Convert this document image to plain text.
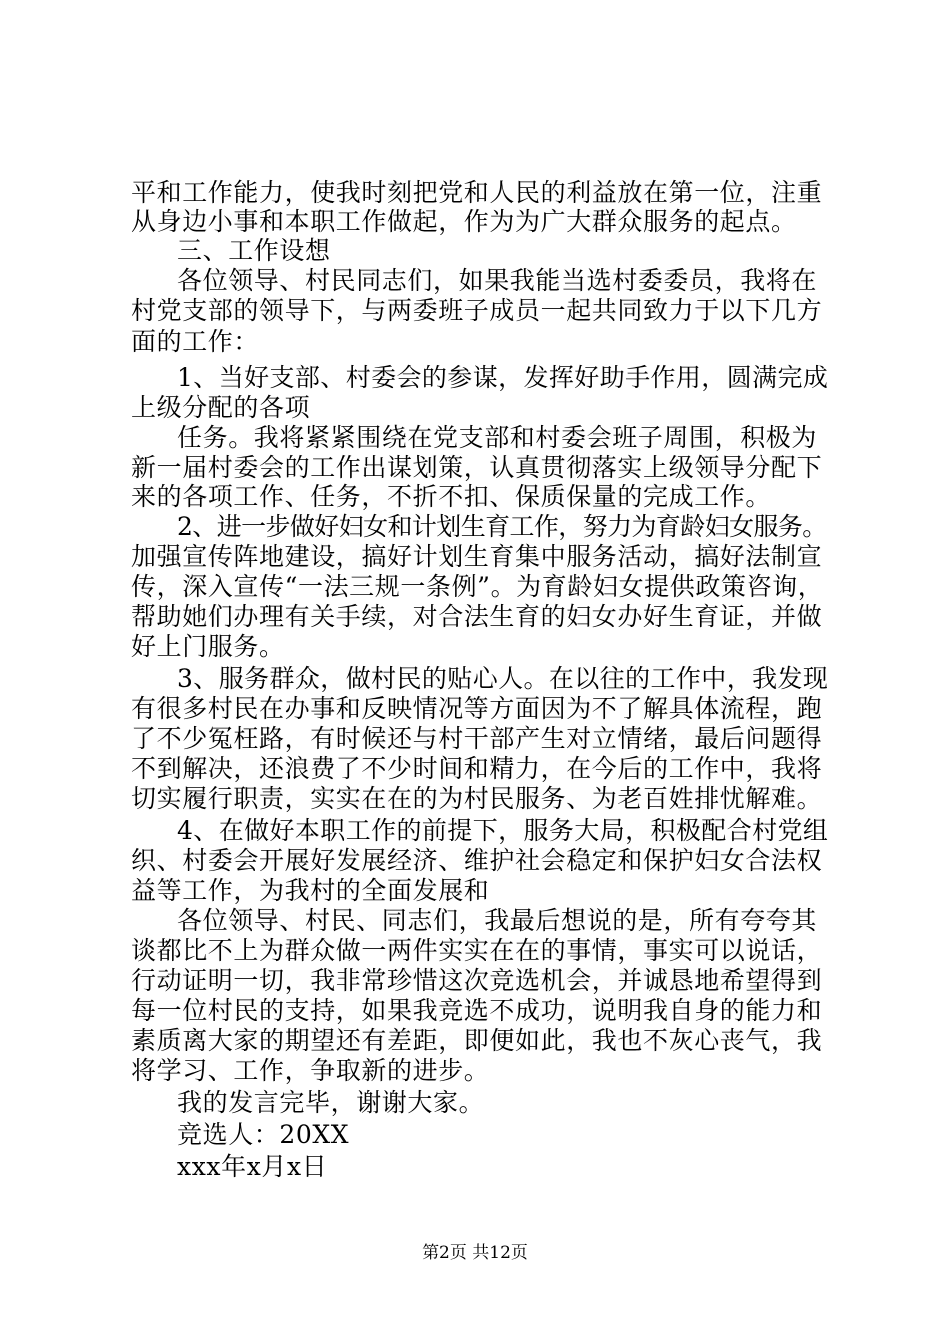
平和工作能力，使我时刻把党和人民的利益放在第一位，注重
从身边小事和本职工作做起，作为为广大群众服务的起点。
三、工作设想
各位领导、村民同志们，如果我能当选村委委员，我将在
村党支部的领导下，与两委班子成员一起共同致力于以下几方
面的工作：
1、当好支部、村委会的参谋，发挥好助手作用，圆满完成
上级分配的各项
任务。我将紧紧围绕在党支部和村委会班子周围，积极为
新一届村委会的工作出谋划策，认真贯彻落实上级领导分配下
来的各项工作、任务，不折不扣、保质保量的完成工作。
2、进一步做好妇女和计划生育工作，努力为育龄妇女服务。
加强宣传阵地建设，搞好计划生育集中服务活动，搞好法制宣
传，深入宣传“一法三规一条例”。为育龄妇女提供政策咨询，
帮助她们办理有关手续，对合法生育的妇女办好生育证，并做
好上门服务。
3、服务群众，做村民的贴心人。在以往的工作中，我发现
有很多村民在办事和反映情况等方面因为不了解具体流程，跑
了不少冤枉路，有时候还与村干部产生对立情绪，最后问题得
不到解决，还浪费了不少时间和精力，在今后的工作中，我将
切实履行职责，实实在在的为村民服务、为老百姓排忧解难。
4、在做好本职工作的前提下，服务大局，积极配合村党组
织、村委会开展好发展经济、维护社会稳定和保护妇女合法权
益等工作，为我村的全面发展和
各位领导、村民、同志们，我最后想说的是，所有夸夸其
谈都比不上为群众做一两件实实在在的事情，事实可以说话，
行动证明一切，我非常珍惜这次竞选机会，并诚恳地希望得到
每一位村民的支持，如果我竞选不成功，说明我自身的能力和
素质离大家的期望还有差距，即便如此，我也不灰心丧气，我
将学习、工作，争取新的进步。
我的发言完毕，谢谢大家。
竞选人：20XX
xxx年x月x日
第2页 共12页
